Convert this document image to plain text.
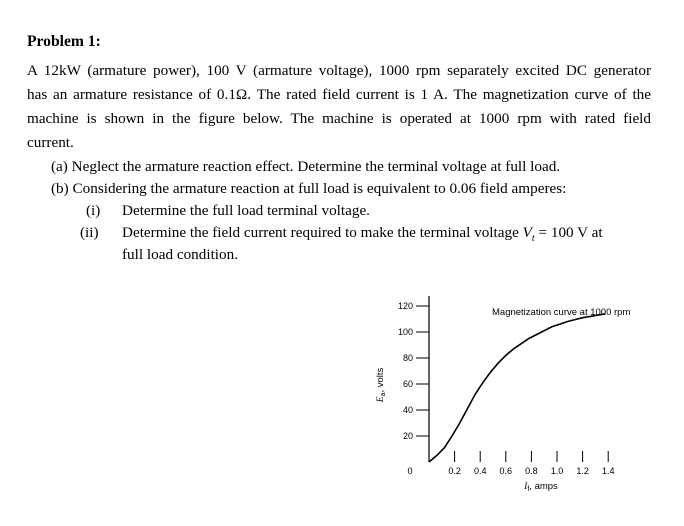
Problem 1:
A 12kW (armature power), 100 V (armature voltage), 1000 rpm separately excited DC generator
has an armature resistance of 0.1Ω. The rated field current is 1 A. The magnetization curve of the
machine is shown in the figure below. The machine is operated at 1000 rpm with rated field
current.
(a) Neglect the armature reaction effect. Determine the terminal voltage at full load.
(b) Considering the armature reaction at full load is equivalent to 0.06 field amperes:
(i) Determine the full load terminal voltage.
(ii) Determine the field current required to make the terminal voltage $V_t = 100$ V at
full load condition.
20
40
60
80
100
120
0.2 0.4 0.6 0.8 1.0 1.2 1.4
Magnetization curve at 1000 rpm
0
$E_a$, volts
$I_f$, amps
